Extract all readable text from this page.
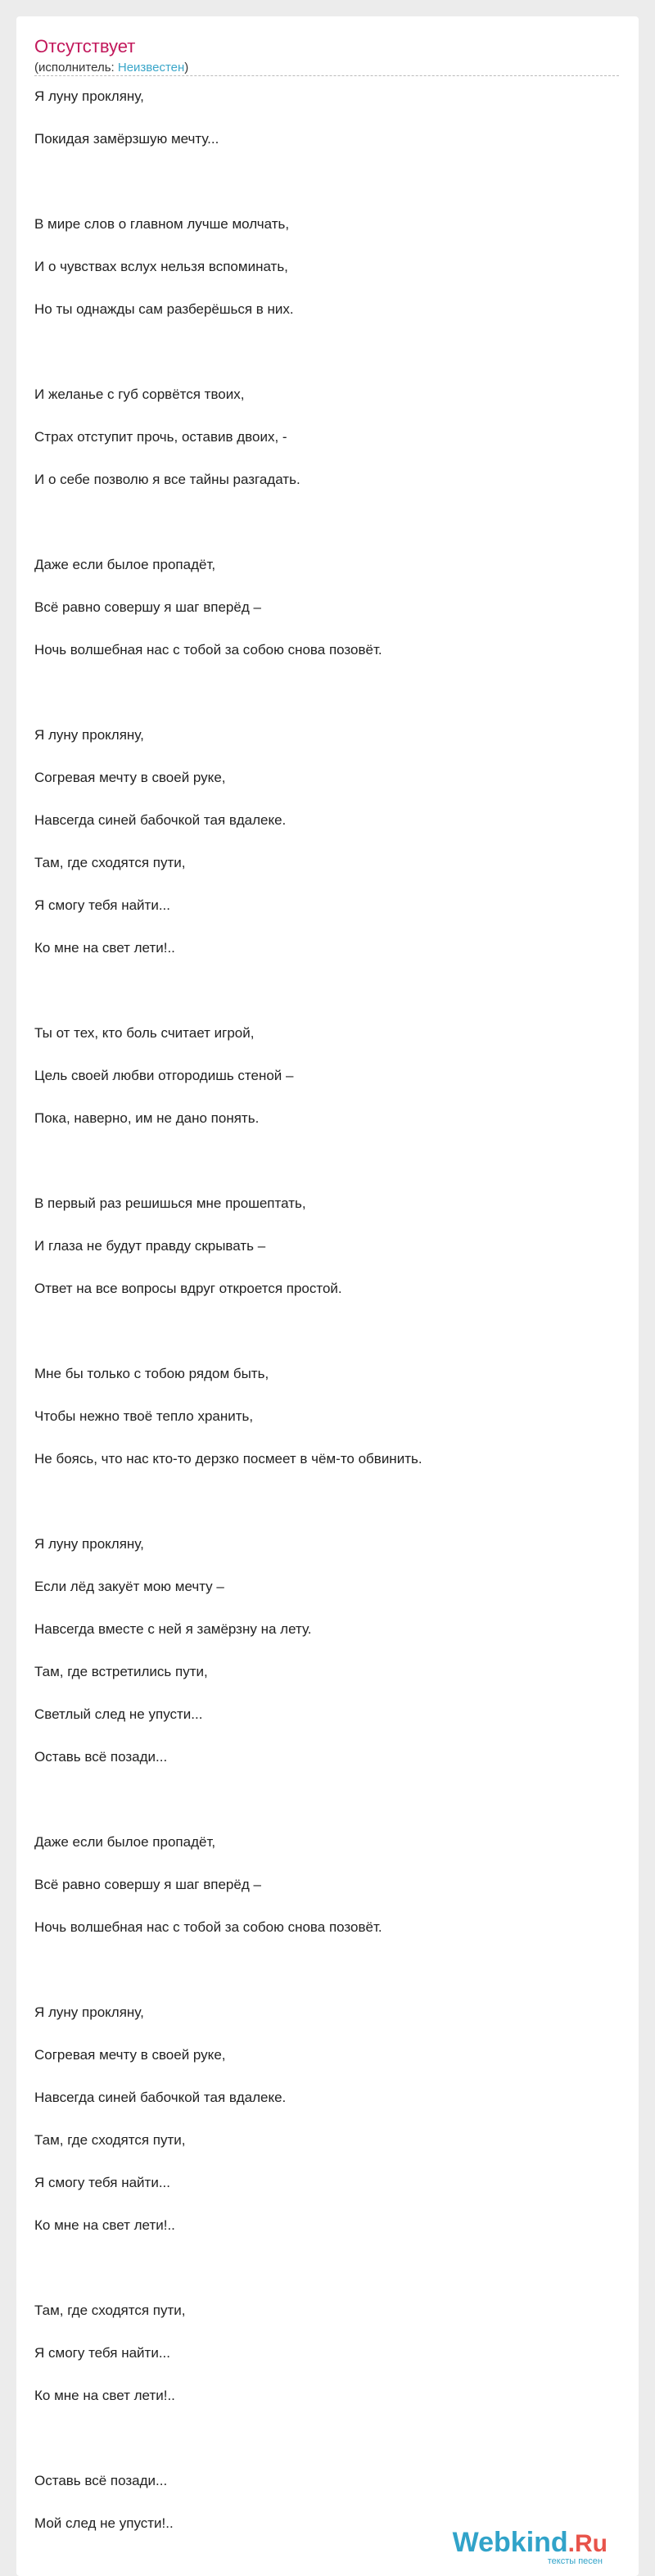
Отсутствует
(исполнитель: Неизвестен)
Я луну прокляну,
Покидая замёрзшую мечту...
В мире слов о главном лучше молчать,
И о чувствах вслух нельзя вспоминать,
Но ты однажды сам разберёшься в них.
И желанье с губ сорвётся твоих,
Страх отступит прочь, оставив двоих, -
И о себе позволю я все тайны разгадать.
Даже если былое пропадёт,
Всё равно совершу я шаг вперёд –
Ночь волшебная нас с тобой за собою снова позовёт.
Я луну прокляну,
Согревая мечту в своей руке,
Навсегда синей бабочкой тая вдалеке.
Там, где сходятся пути,
Я смогу тебя найти...
Ко мне на свет лети!..
Ты от тех, кто боль считает игрой,
Цель своей любви отгородишь стеной –
Пока, наверно, им не дано понять.
В первый раз решишься мне прошептать,
И глаза не будут правду скрывать –
Ответ на все вопросы вдруг откроется простой.
Мне бы только с тобою рядом быть,
Чтобы нежно твоё тепло хранить,
Не боясь, что нас кто-то дерзко посмеет в чём-то обвинить.
Я луну прокляну,
Если лёд закуёт мою мечту –
Навсегда вместе с ней я замёрзну на лету.
Там, где встретились пути,
Светлый след не упусти...
Оставь всё позади...
Даже если былое пропадёт,
Всё равно совершу я шаг вперёд –
Ночь волшебная нас с тобой за собою снова позовёт.
Я луну прокляну,
Согревая мечту в своей руке,
Навсегда синей бабочкой тая вдалеке.
Там, где сходятся пути,
Я смогу тебя найти...
Ко мне на свет лети!..
Там, где сходятся пути,
Я смогу тебя найти...
Ко мне на свет лети!..
Оставь всё позади...
Мой след не упусти!..
Webkind.Ru
тексты песен
